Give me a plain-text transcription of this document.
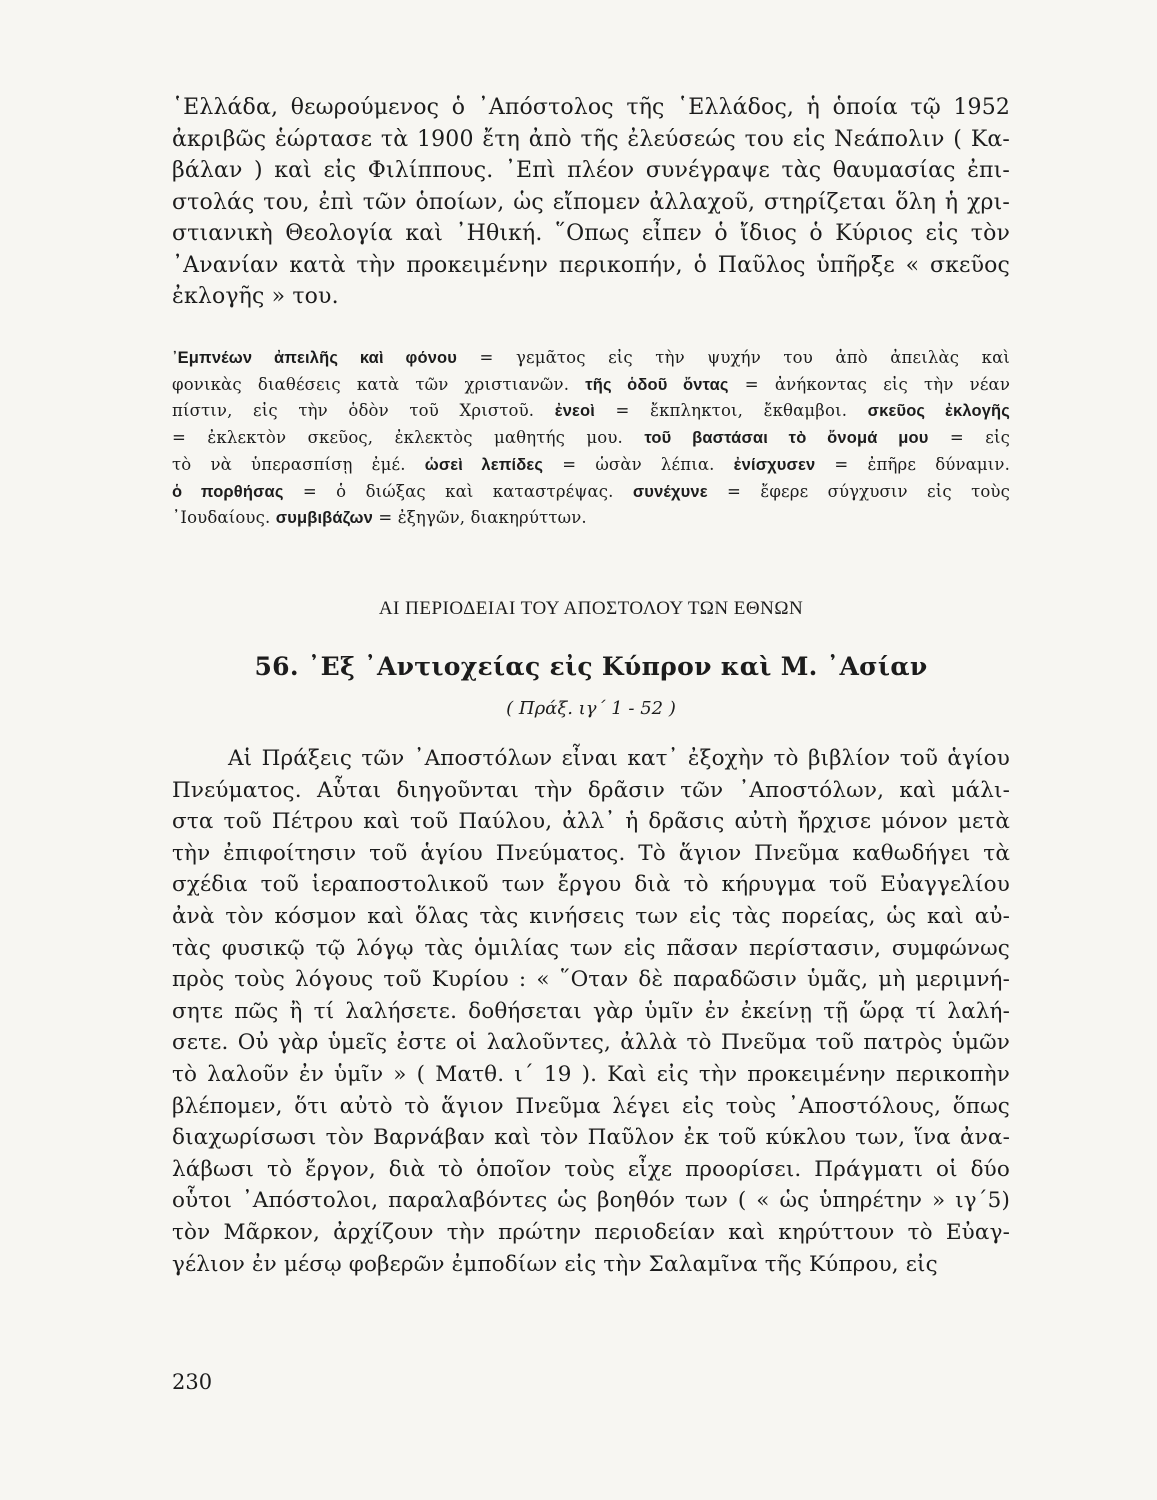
῾Ελλάδα, θεωρούμενος ὁ ᾿Απόστολος τῆς ῾Ελλάδος, ἡ ὁποία τῷ 1952
ἀκριβῶς ἑώρτασε τὰ 1900 ἔτη ἀπὸ τῆς ἐλεύσεώς του εἰς Νεάπολιν ( Κα-
βάλαν ) καὶ εἰς Φιλίππους. ᾿Επὶ πλέον συνέγραψε τὰς θαυμασίας ἐπι-
στολάς του, ἐπὶ τῶν ὁποίων, ὡς εἴπομεν ἀλλαχοῦ, στηρίζεται ὅλη ἡ χρι-
στιανικὴ Θεολογία καὶ ᾿Ηθική. ῞Οπως εἶπεν ὁ ἴδιος ὁ Κύριος εἰς τὸν
᾿Ανανίαν κατὰ τὴν προκειμένην περικοπήν, ὁ Παῦλος ὑπῆρξε « σκεῦος
ἐκλογῆς » του.
᾿Εμπνέων ἀπειλῆς καὶ φόνου = γεμᾶτος εἰς τὴν ψυχήν του ἀπὸ ἀπειλὰς καὶ
φονικὰς διαθέσεις κατὰ τῶν χριστιανῶν. τῆς ὁδοῦ ὄντας = ἀνήκοντας εἰς τὴν νέαν
πίστιν, εἰς τὴν ὁδὸν τοῦ Χριστοῦ. ἐνεοὶ = ἔκπληκτοι, ἔκθαμβοι. σκεῦος ἐκλογῆς
= ἐκλεκτὸν σκεῦος, ἐκλεκτὸς μαθητής μου. τοῦ βαστάσαι τὸ ὄνομά μου = εἰς
τὸ νὰ ὑπερασπίσῃ ἐμέ. ὡσεὶ λεπίδες = ὡσὰν λέπια. ἐνίσχυσεν = ἐπῆρε δύναμιν.
ὁ πορθήσας = ὁ διώξας καὶ καταστρέψας. συνέχυνε = ἔφερε σύγχυσιν εἰς τοὺς
᾿Ιουδαίους. συμβιβάζων = ἐξηγῶν, διακηρύττων.
ΑΙ ΠΕΡΙΟΔΕΙΑΙ ΤΟΥ ΑΠΟΣΤΟΛΟΥ ΤΩΝ ΕΘΝΩΝ
56. ᾿Εξ ᾿Αντιοχείας εἰς Κύπρον καὶ Μ. ᾿Ασίαν
( Πράξ. ιγ´ 1 - 52 )
Αἱ Πράξεις τῶν ᾿Αποστόλων εἶναι κατ᾿ ἐξοχὴν τὸ βιβλίον τοῦ ἁγίου
Πνεύματος. Αὗται διηγοῦνται τὴν δρᾶσιν τῶν ᾿Αποστόλων, καὶ μάλι-
στα τοῦ Πέτρου καὶ τοῦ Παύλου, ἀλλ᾿ ἡ δρᾶσις αὐτὴ ἤρχισε μόνον μετὰ
τὴν ἐπιφοίτησιν τοῦ ἁγίου Πνεύματος. Τὸ ἅγιον Πνεῦμα καθωδήγει τὰ
σχέδια τοῦ ἱεραποστολικοῦ των ἔργου διὰ τὸ κήρυγμα τοῦ Εὐαγγελίου
ἀνὰ τὸν κόσμον καὶ ὅλας τὰς κινήσεις των εἰς τὰς πορείας, ὡς καὶ αὐ-
τὰς φυσικῷ τῷ λόγῳ τὰς ὁμιλίας των εἰς πᾶσαν περίστασιν, συμφώνως
πρὸς τοὺς λόγους τοῦ Κυρίου : « ῞Οταν δὲ παραδῶσιν ὑμᾶς, μὴ μεριμνή-
σητε πῶς ἢ τί λαλήσετε. δοθήσεται γὰρ ὑμῖν ἐν ἐκείνῃ τῇ ὥρᾳ τί λαλή-
σετε. Οὐ γὰρ ὑμεῖς ἐστε οἱ λαλοῦντες, ἀλλὰ τὸ Πνεῦμα τοῦ πατρὸς ὑμῶν
τὸ λαλοῦν ἐν ὑμῖν » ( Ματθ. ι´ 19 ). Καὶ εἰς τὴν προκειμένην περικοπὴν
βλέπομεν, ὅτι αὐτὸ τὸ ἅγιον Πνεῦμα λέγει εἰς τοὺς ᾿Αποστόλους, ὅπως
διαχωρίσωσι τὸν Βαρνάβαν καὶ τὸν Παῦλον ἐκ τοῦ κύκλου των, ἵνα ἀνα-
λάβωσι τὸ ἔργον, διὰ τὸ ὁποῖον τοὺς εἶχε προορίσει. Πράγματι οἱ δύο
οὗτοι ᾿Απόστολοι, παραλαβόντες ὡς βοηθόν των ( « ὡς ὑπηρέτην » ιγ´5)
τὸν Μᾶρκον, ἀρχίζουν τὴν πρώτην περιοδείαν καὶ κηρύττουν τὸ Εὐαγ-
γέλιον ἐν μέσῳ φοβερῶν ἐμποδίων εἰς τὴν Σαλαμῖνα τῆς Κύπρου, εἰς
230
